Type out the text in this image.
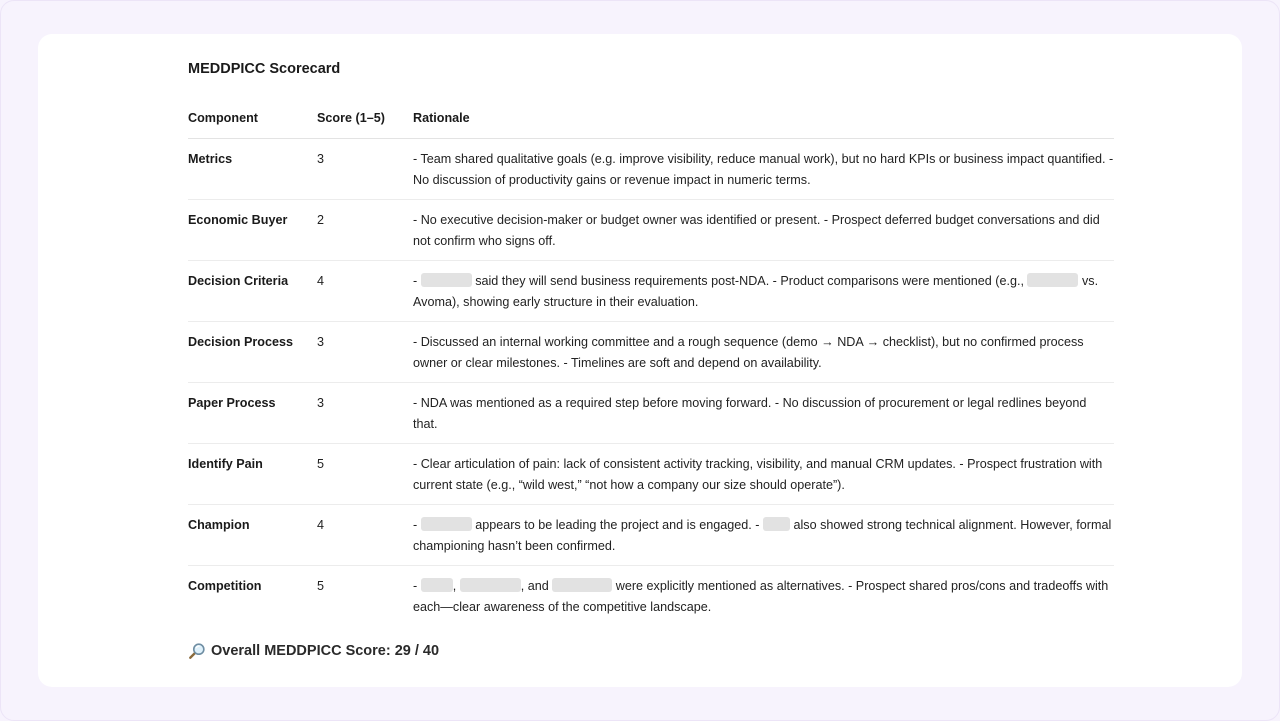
MEDDPICC Scorecard
Component	Score (1–5)	Rationale
Metrics	3	- Team shared qualitative goals (e.g. improve visibility, reduce manual work), but no hard KPIs or business impact quantified. - No discussion of productivity gains or revenue impact in numeric terms.
Economic Buyer	2	- No executive decision-maker or budget owner was identified or present. - Prospect deferred budget conversations and did not confirm who signs off.
Decision Criteria	4	- said they will send business requirements post-NDA. - Product comparisons were mentioned (e.g., vs. Avoma), showing early structure in their evaluation.
Decision Process	3	- Discussed an internal working committee and a rough sequence (demo → NDA → checklist), but no confirmed process owner or clear milestones. - Timelines are soft and depend on availability.
Paper Process	3	- NDA was mentioned as a required step before moving forward. - No discussion of procurement or legal redlines beyond that.
Identify Pain	5	- Clear articulation of pain: lack of consistent activity tracking, visibility, and manual CRM updates. - Prospect frustration with current state (e.g., “wild west,” “not how a company our size should operate”).
Champion	4	- appears to be leading the project and is engaged. -  also showed strong technical alignment. However, formal championing hasn’t been confirmed.
Competition	5	- , , and were explicitly mentioned as alternatives. - Prospect shared pros/cons and tradeoffs with each—clear awareness of the competitive landscape.
Overall MEDDPICC Score: 29 / 40
